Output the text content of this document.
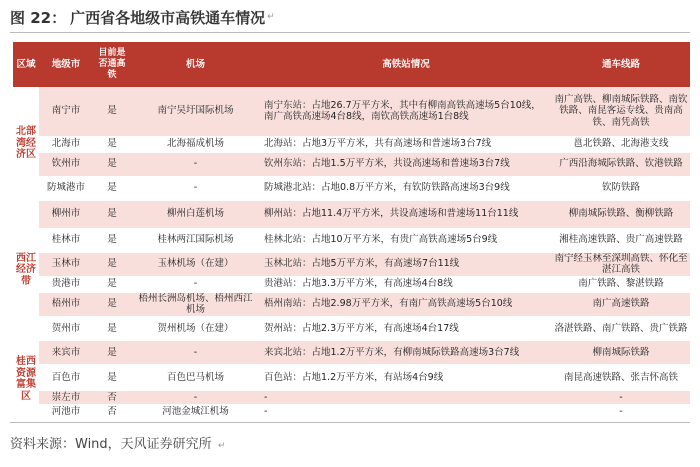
图 22： 广西省各地级市高铁通车情况 ↵
区域	地级市	目前是否通高铁	机场	高铁站情况	通车线路
北部湾经济区	南宁市	是	南宁吴圩国际机场	南宁东站：占地26.7万平方米，其中有柳南高铁高速场5台10线，南广高铁高速场4台8线，南钦高铁高速场1台8线	南广高铁、柳南城际铁路、南钦铁路、南昆客运专线、贵南高铁、南凭高铁
	北海市	是	北海福成机场	北海站：占地3万平方米，共有高速场和普速场3台7线	邕北铁路、北海港支线
	钦州市	是	-	钦州东站：占地1.5万平方米，共设高速场和普速场3台7线	广西沿海城际铁路、钦港铁路
	防城港市	是	-	防城港北站：占地0.8万平方米，有钦防铁路高速场3台9线	钦防铁路
西江经济带	柳州市	是	柳州白莲机场	柳州站：占地11.4万平方米，共设高速场和普速场11台11线	柳南城际铁路、衡柳铁路
	桂林市	是	桂林两江国际机场	桂林北站：占地10万平方米，有贵广高铁高速场5台9线	湘桂高速铁路、贵广高速铁路
	玉林市	是	玉林机场（在建）	玉林北站：占地5万平方米，有高速场7台11线	南宁经玉林至深圳高铁、怀化至湛江高铁
	贵港市	是	-	贵港站：占地3.3万平方米，有高速场4台8线	南广铁路、黎湛铁路
	梧州市	是	梧州长洲岛机场、梧州西江机场	梧州南站：占地2.98万平方米，有南广高铁高速场5台10线	南广高速铁路
	贺州市	是	贺州机场（在建）	贺州站：占地2.3万平方米，有高速场4台17线	洛湛铁路、南广铁路、贵广铁路
桂西资源富集区	来宾市	是	-	来宾北站：占地1.2万平方米，有柳南城际铁路高速场3台7线	柳南城际铁路
	百色市	是	百色巴马机场	百色站：占地1.2万平方米，有站场4台9线	南昆高速铁路、张吉怀高铁
	崇左市	否	-	-	-
	河池市	否	河池金城江机场	-	-
资料来源：Wind，天风证券研究所 ↵
